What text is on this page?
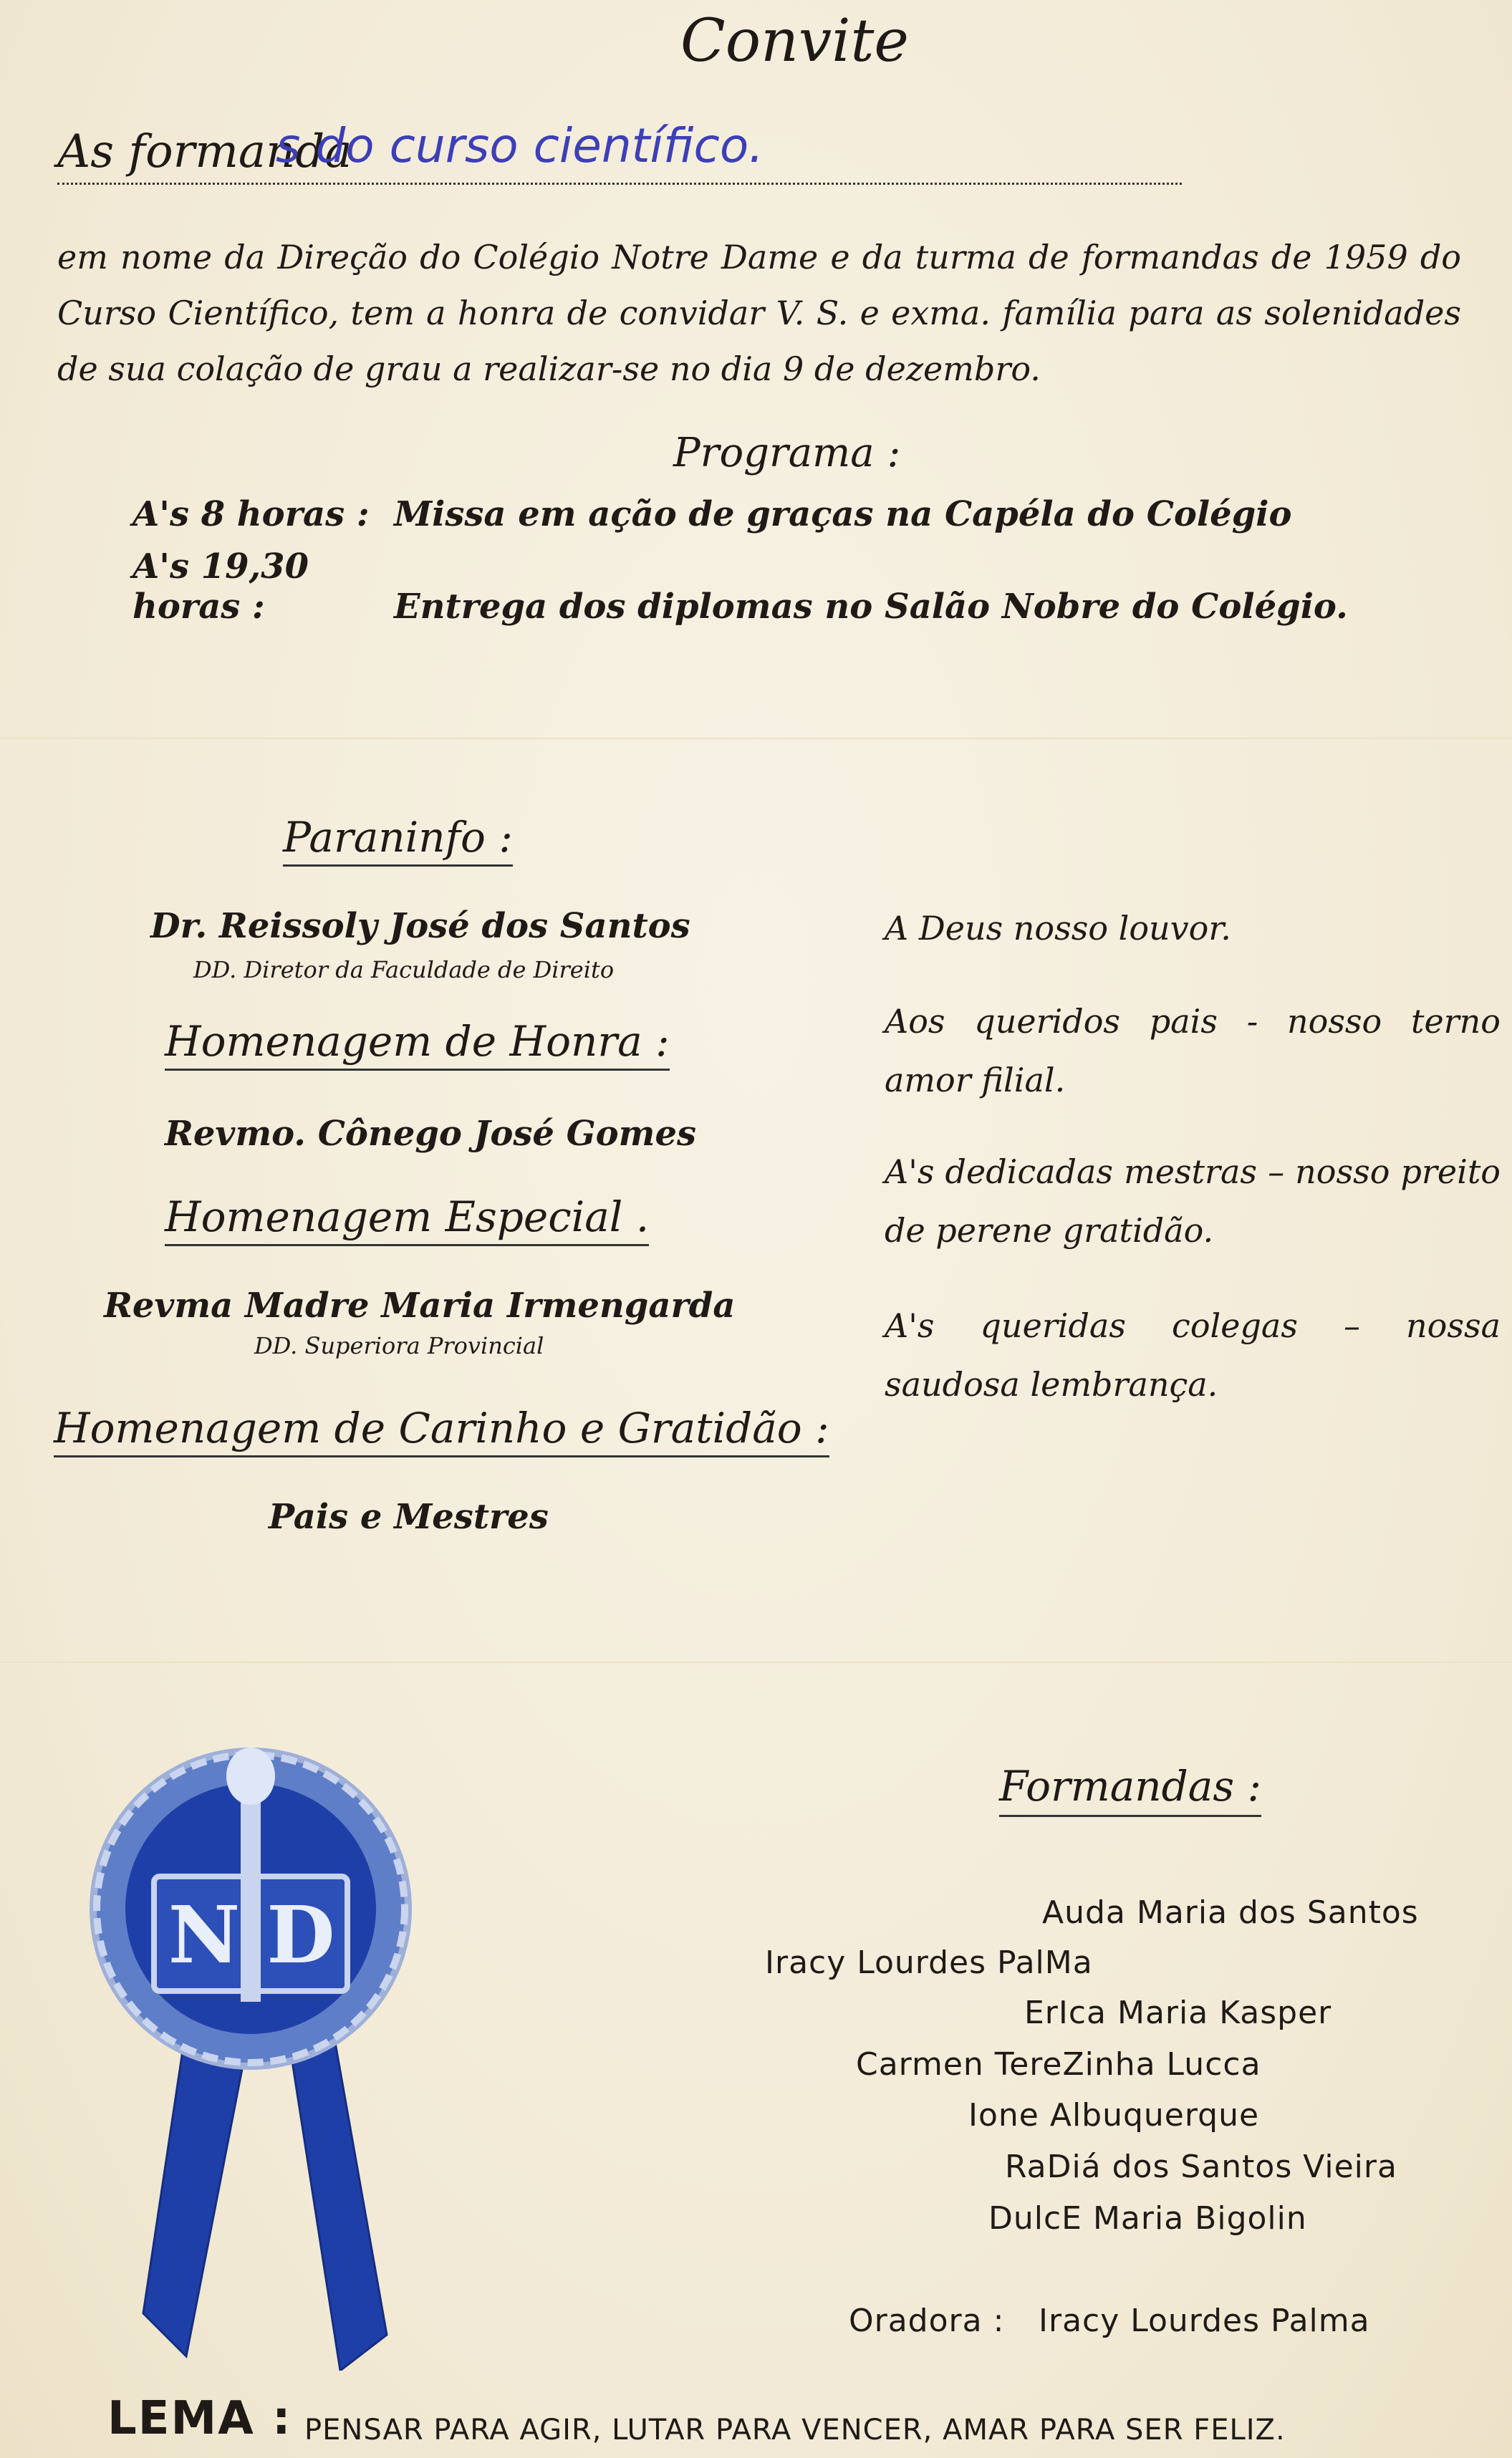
Convite
As formanda
s do curso científico.
em nome da Direção do Colégio Notre Dame e da turma de formandas de 1959 do Curso Científico, tem a honra de convidar V. S. e exma. família para as solenidades de sua colação de grau a realizar-se no dia 9 de dezembro.
Programa :
A's 8 horas : Missa em ação de graças na Capéla do Colégio
A's 19,30 horas :	Entrega dos diplomas no Salão Nobre do Colégio.
Paraninfo :
Dr. Reissoly José dos Santos
DD. Diretor da Faculdade de Direito
Homenagem de Honra :
Revmo. Cônego José Gomes
Homenagem Especial .
Revma Madre Maria Irmengarda
DD. Superiora Provincial
Homenagem de Carinho e Gratidão :
Pais e Mestres
A Deus nosso louvor.
Aos queridos pais - nosso terno amor filial.
A's dedicadas mestras – nosso preito de perene gratidão.
A's queridas colegas – nossa saudosa lembrança.
N D
Formandas :
Auda Maria dos Santos
Iracy Lourdes PalMa
ErIca Maria Kasper
Carmen TereZinha Lucca
Ione Albuquerque
RaDiá dos Santos Vieira
DulcE Maria Bigolin
Oradora : Iracy Lourdes Palma
LEMA : PENSAR PARA AGIR, LUTAR PARA VENCER, AMAR PARA SER FELIZ.
